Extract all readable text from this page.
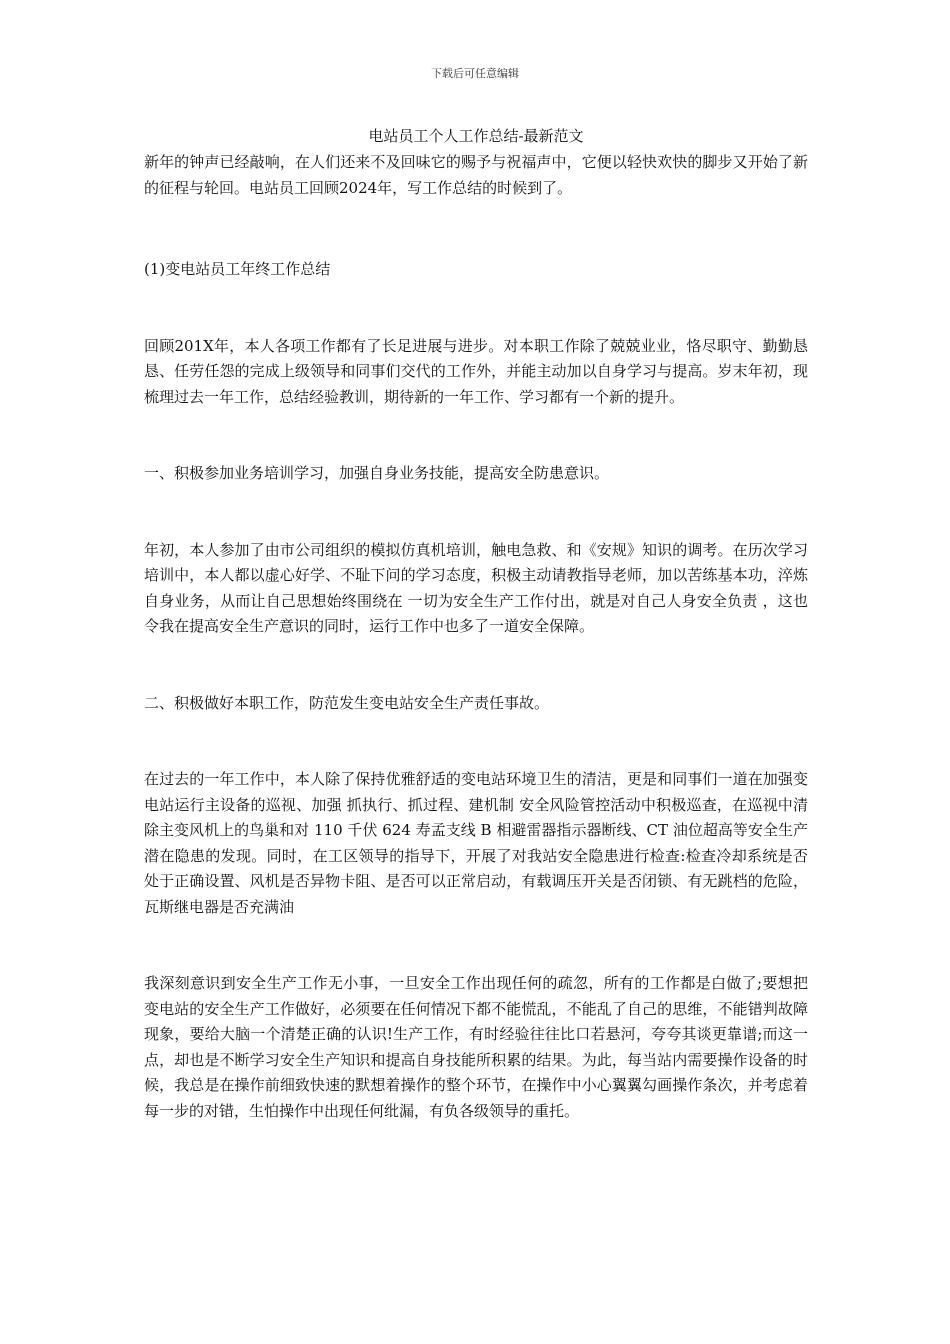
下载后可任意编辑
电站员工个人工作总结-最新范文

新年的钟声已经敲响，在人们还来不及回味它的赐予与祝福声中，它便以轻快欢快的脚步又开始了新的征程与轮回。电站员工回顾2024年，写工作总结的时候到了。

(1)变电站员工年终工作总结

回顾201X年，本人各项工作都有了长足进展与进步。对本职工作除了兢兢业业，恪尽职守、勤勤恳恳、任劳任怨的完成上级领导和同事们交代的工作外，并能主动加以自身学习与提高。岁末年初，现梳理过去一年工作，总结经验教训，期待新的一年工作、学习都有一个新的提升。

一、积极参加业务培训学习，加强自身业务技能，提高安全防患意识。

年初，本人参加了由市公司组织的模拟仿真机培训，触电急救、和《安规》知识的调考。在历次学习培训中，本人都以虚心好学、不耻下问的学习态度，积极主动请教指导老师，加以苦练基本功，淬炼自身业务，从而让自己思想始终围绕在 一切为安全生产工作付出，就是对自己人身安全负责 ，这也令我在提高安全生产意识的同时，运行工作中也多了一道安全保障。

二、积极做好本职工作，防范发生变电站安全生产责任事故。

在过去的一年工作中，本人除了保持优雅舒适的变电站环境卫生的清洁，更是和同事们一道在加强变电站运行主设备的巡视、加强 抓执行、抓过程、建机制 安全风险管控活动中积极巡查，在巡视中清除主变风机上的鸟巢和对 110 千伏 624 寿孟支线 B 相避雷器指示器断线、CT 油位超高等安全生产潜在隐患的发现。同时，在工区领导的指导下，开展了对我站安全隐患进行检查:检查冷却系统是否处于正确设置、风机是否异物卡阻、是否可以正常启动，有载调压开关是否闭锁、有无跳档的危险，瓦斯继电器是否充满油

我深刻意识到安全生产工作无小事，一旦安全工作出现任何的疏忽，所有的工作都是白做了;要想把变电站的安全生产工作做好，必须要在任何情况下都不能慌乱，不能乱了自己的思维，不能错判故障现象，要给大脑一个清楚正确的认识!生产工作，有时经验往往比口若悬河，夸夸其谈更靠谱;而这一点，却也是不断学习安全生产知识和提高自身技能所积累的结果。为此，每当站内需要操作设备的时候，我总是在操作前细致快速的默想着操作的整个环节，在操作中小心翼翼勾画操作条次，并考虑着每一步的对错，生怕操作中出现任何纰漏，有负各级领导的重托。
